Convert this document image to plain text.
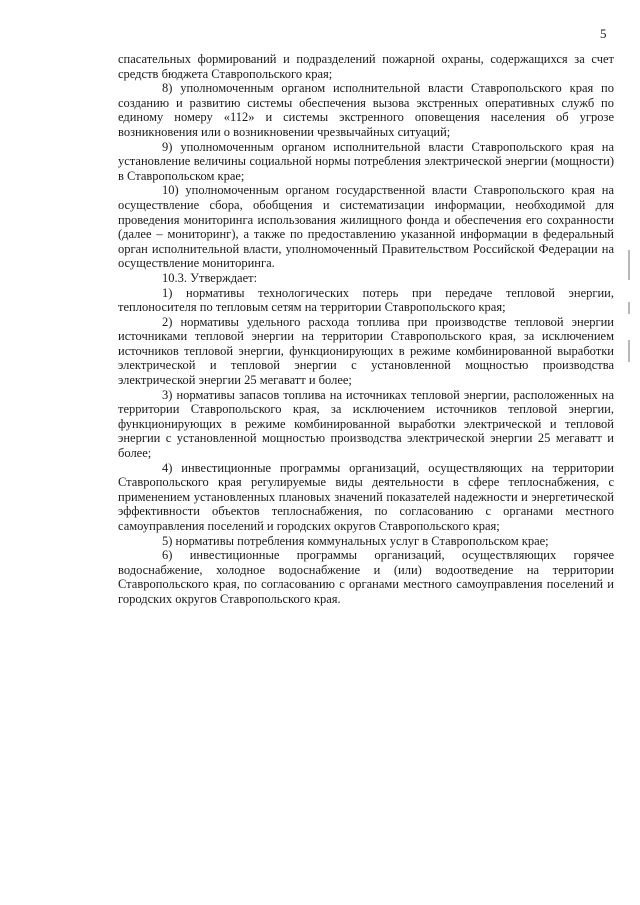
5

спасательных формирований и подразделений пожарной охраны, содержащихся за счет средств бюджета Ставропольского края;

8) уполномоченным органом исполнительной власти Ставропольского края по созданию и развитию системы обеспечения вызова экстренных оперативных служб по единому номеру «112» и системы экстренного оповещения населения об угрозе возникновения или о возникновении чрезвычайных ситуаций;

9) уполномоченным органом исполнительной власти Ставропольского края на установление величины социальной нормы потребления электрической энергии (мощности) в Ставропольском крае;

10) уполномоченным органом государственной власти Ставропольского края на осуществление сбора, обобщения и систематизации информации, необходимой для проведения мониторинга использования жилищного фонда и обеспечения его сохранности (далее – мониторинг), а также по предоставлению указанной информации в федеральный орган исполнительной власти, уполномоченный Правительством Российской Федерации на осуществление мониторинга.

10.3. Утверждает:

1) нормативы технологических потерь при передаче тепловой энергии, теплоносителя по тепловым сетям на территории Ставропольского края;

2) нормативы удельного расхода топлива при производстве тепловой энергии источниками тепловой энергии на территории Ставропольского края, за исключением источников тепловой энергии, функционирующих в режиме комбинированной выработки электрической и тепловой энергии с установленной мощностью производства электрической энергии 25 мегаватт и более;

3) нормативы запасов топлива на источниках тепловой энергии, расположенных на территории Ставропольского края, за исключением источников тепловой энергии, функционирующих в режиме комбинированной выработки электрической и тепловой энергии с установленной мощностью производства электрической энергии 25 мегаватт и более;

4) инвестиционные программы организаций, осуществляющих на территории Ставропольского края регулируемые виды деятельности в сфере теплоснабжения, с применением установленных плановых значений показателей надежности и энергетической эффективности объектов теплоснабжения, по согласованию с органами местного самоуправления поселений и городских округов Ставропольского края;

5) нормативы потребления коммунальных услуг в Ставропольском крае;

6) инвестиционные программы организаций, осуществляющих горячее водоснабжение, холодное водоснабжение и (или) водоотведение на территории Ставропольского края, по согласованию с органами местного самоуправления поселений и городских округов Ставропольского края.
